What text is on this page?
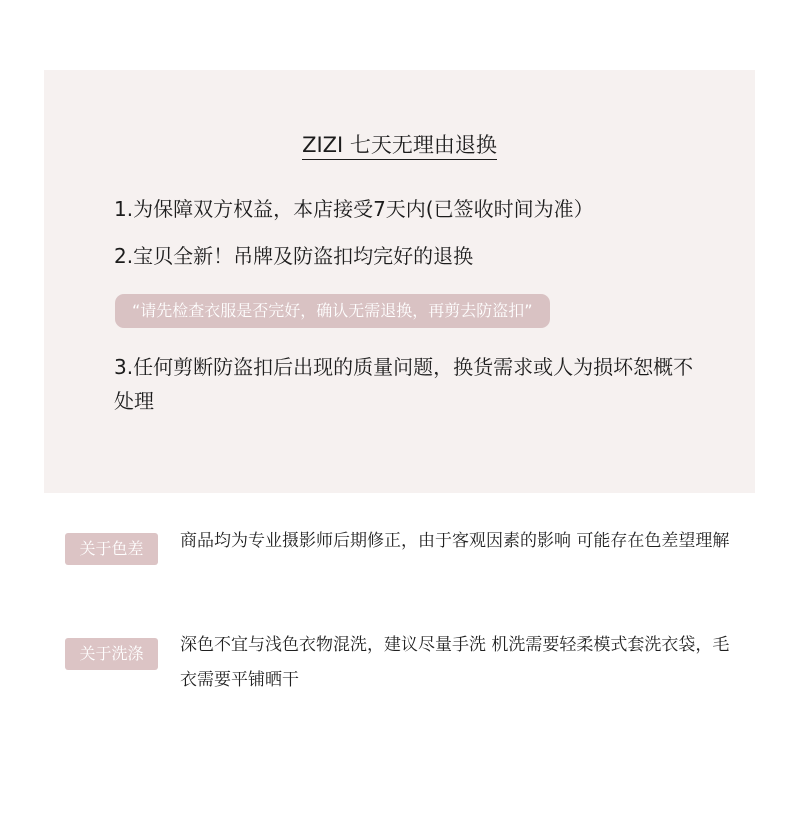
ZIZI 七天无理由退换
1.为保障双方权益，本店接受7天内(已签收时间为准）
2.宝贝全新！吊牌及防盗扣均完好的退换
“请先检查衣服是否完好，确认无需退换，再剪去防盗扣”
3.任何剪断防盗扣后出现的质量问题，换货需求或人为损坏恕概不处理
关于色差	商品均为专业摄影师后期修正，由于客观因素的影响 可能存在色差望理解
关于洗涤	深色不宜与浅色衣物混洗，建议尽量手洗 机洗需要轻柔模式套洗衣袋，毛衣需要平铺晒干
